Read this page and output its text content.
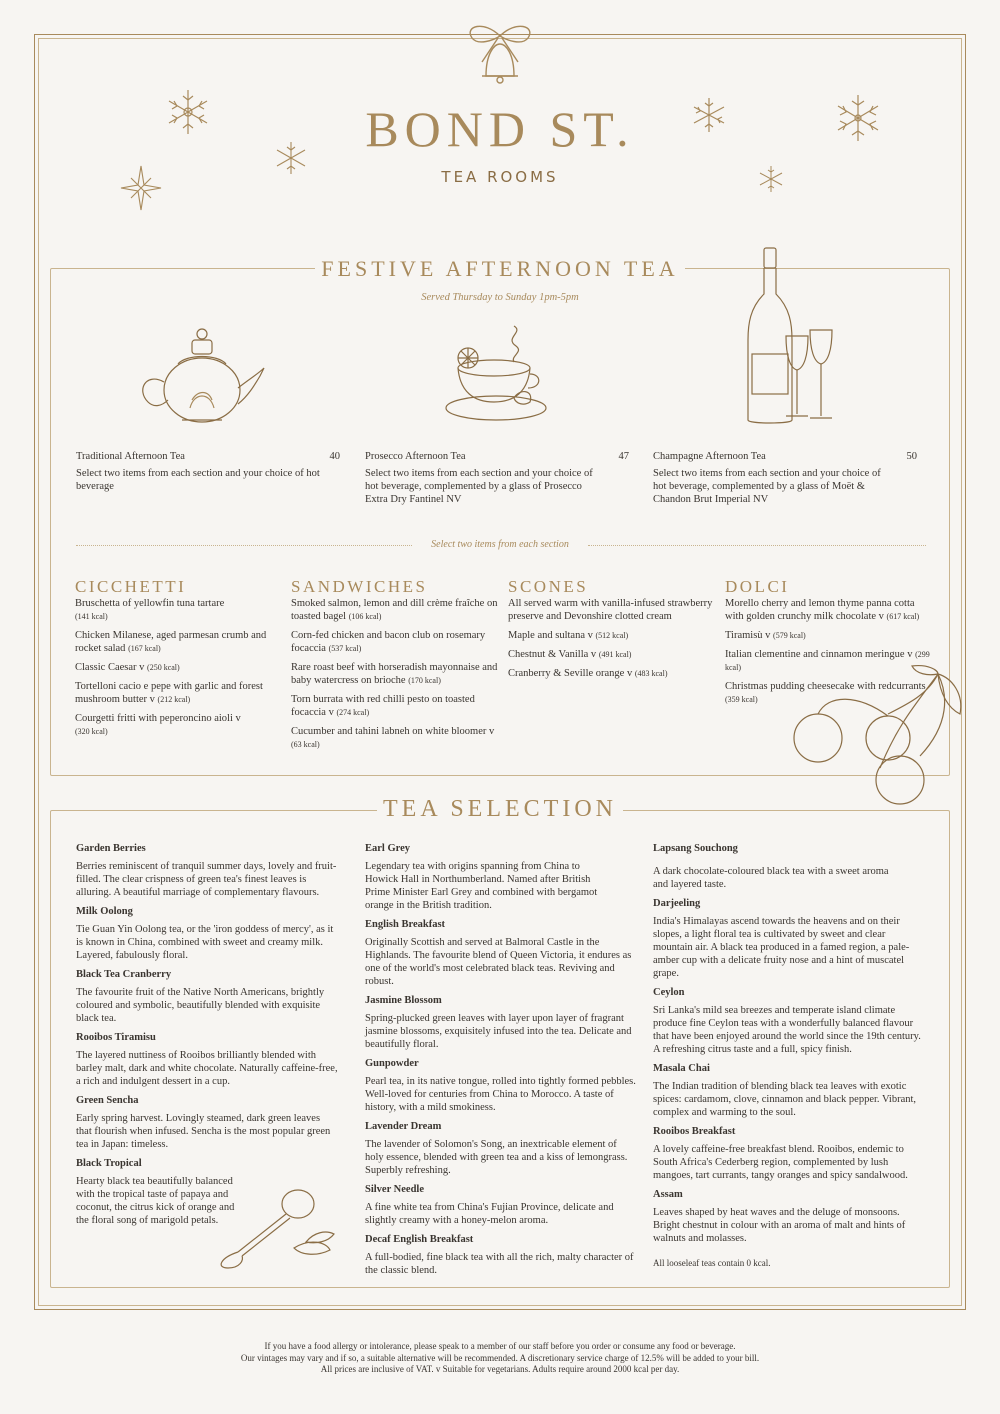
BOND ST.
TEA ROOMS
FESTIVE AFTERNOON TEA
Served Thursday to Sunday 1pm-5pm
Traditional Afternoon Tea	40
Select two items from each section and your choice of hot beverage
Prosecco Afternoon Tea	47
Select two items from each section and your choice of hot beverage, complemented by a glass of Prosecco Extra Dry Fantinel NV
Champagne Afternoon Tea	50
Select two items from each section and your choice of hot beverage, complemented by a glass of Moët & Chandon Brut Imperial NV
Select two items from each section
CICCHETTI
Bruschetta of yellowfin tuna tartare
(141 kcal)
Chicken Milanese, aged parmesan crumb and rocket salad (167 kcal)
Classic Caesar v (250 kcal)
Tortelloni cacio e pepe with garlic and forest mushroom butter v (212 kcal)
Courgetti fritti with peperoncino aioli v
(320 kcal)
SANDWICHES
Smoked salmon, lemon and dill crème fraîche on toasted bagel (106 kcal)
Corn-fed chicken and bacon club on rosemary focaccia (537 kcal)
Rare roast beef with horseradish mayonnaise and baby watercress on brioche (170 kcal)
Torn burrata with red chilli pesto on toasted focaccia v (274 kcal)
Cucumber and tahini labneh on white bloomer v (63 kcal)
SCONES
All served warm with vanilla-infused strawberry preserve and Devonshire clotted cream
Maple and sultana v (512 kcal)
Chestnut & Vanilla v (491 kcal)
Cranberry & Seville orange v (483 kcal)
DOLCI
Morello cherry and lemon thyme panna cotta with golden crunchy milk chocolate v (617 kcal)
Tiramisù v (579 kcal)
Italian clementine and cinnamon meringue v (299 kcal)
Christmas pudding cheesecake with redcurrants (359 kcal)
TEA SELECTION
Garden Berries
Berries reminiscent of tranquil summer days, lovely and fruit-filled. The clear crispness of green tea's finest leaves is alluring. A beautiful marriage of complementary flavours.
Milk Oolong
Tie Guan Yin Oolong tea, or the 'iron goddess of mercy', as it is known in China, combined with sweet and creamy milk. Layered, fabulously floral.
Black Tea Cranberry
The favourite fruit of the Native North Americans, brightly coloured and symbolic, beautifully blended with exquisite black tea.
Rooibos Tiramisu
The layered nuttiness of Rooibos brilliantly blended with barley malt, dark and white chocolate. Naturally caffeine-free, a rich and indulgent dessert in a cup.
Green Sencha
Early spring harvest. Lovingly steamed, dark green leaves that flourish when infused. Sencha is the most popular green tea in Japan: timeless.
Black Tropical
Hearty black tea beautifully balanced with the tropical taste of papaya and coconut, the citrus kick of orange and the floral song of marigold petals.
Earl Grey
Legendary tea with origins spanning from China to Howick Hall in Northumberland. Named after British Prime Minister Earl Grey and combined with bergamot orange in the British tradition.
English Breakfast
Originally Scottish and served at Balmoral Castle in the Highlands. The favourite blend of Queen Victoria, it endures as one of the world's most celebrated black teas. Reviving and robust.
Jasmine Blossom
Spring-plucked green leaves with layer upon layer of fragrant jasmine blossoms, exquisitely infused into the tea. Delicate and beautifully floral.
Gunpowder
Pearl tea, in its native tongue, rolled into tightly formed pebbles. Well-loved for centuries from China to Morocco. A taste of history, with a mild smokiness.
Lavender Dream
The lavender of Solomon's Song, an inextricable element of holy essence, blended with green tea and a kiss of lemongrass. Superbly refreshing.
Silver Needle
A fine white tea from China's Fujian Province, delicate and slightly creamy with a honey-melon aroma.
Decaf English Breakfast
A full-bodied, fine black tea with all the rich, malty character of the classic blend.
Lapsang Souchong
A dark chocolate-coloured black tea with a sweet aroma and layered taste.
Darjeeling
India's Himalayas ascend towards the heavens and on their slopes, a light floral tea is cultivated by sweet and clear mountain air. A black tea produced in a famed region, a pale-amber cup with a delicate fruity nose and a hint of muscatel grape.
Ceylon
Sri Lanka's mild sea breezes and temperate island climate produce fine Ceylon teas with a wonderfully balanced flavour that have been enjoyed around the world since the 19th century. A refreshing citrus taste and a full, spicy finish.
Masala Chai
The Indian tradition of blending black tea leaves with exotic spices: cardamom, clove, cinnamon and black pepper. Vibrant, complex and warming to the soul.
Rooibos Breakfast
A lovely caffeine-free breakfast blend. Rooibos, endemic to South Africa's Cederberg region, complemented by lush mangoes, tart currants, tangy oranges and spicy sandalwood.
Assam
Leaves shaped by heat waves and the deluge of monsoons. Bright chestnut in colour with an aroma of malt and hints of walnuts and molasses.
All looseleaf teas contain 0 kcal.
If you have a food allergy or intolerance, please speak to a member of our staff before you order or consume any food or beverage.
Our vintages may vary and if so, a suitable alternative will be recommended. A discretionary service charge of 12.5% will be added to your bill.
All prices are inclusive of VAT. v Suitable for vegetarians. Adults require around 2000 kcal per day.
